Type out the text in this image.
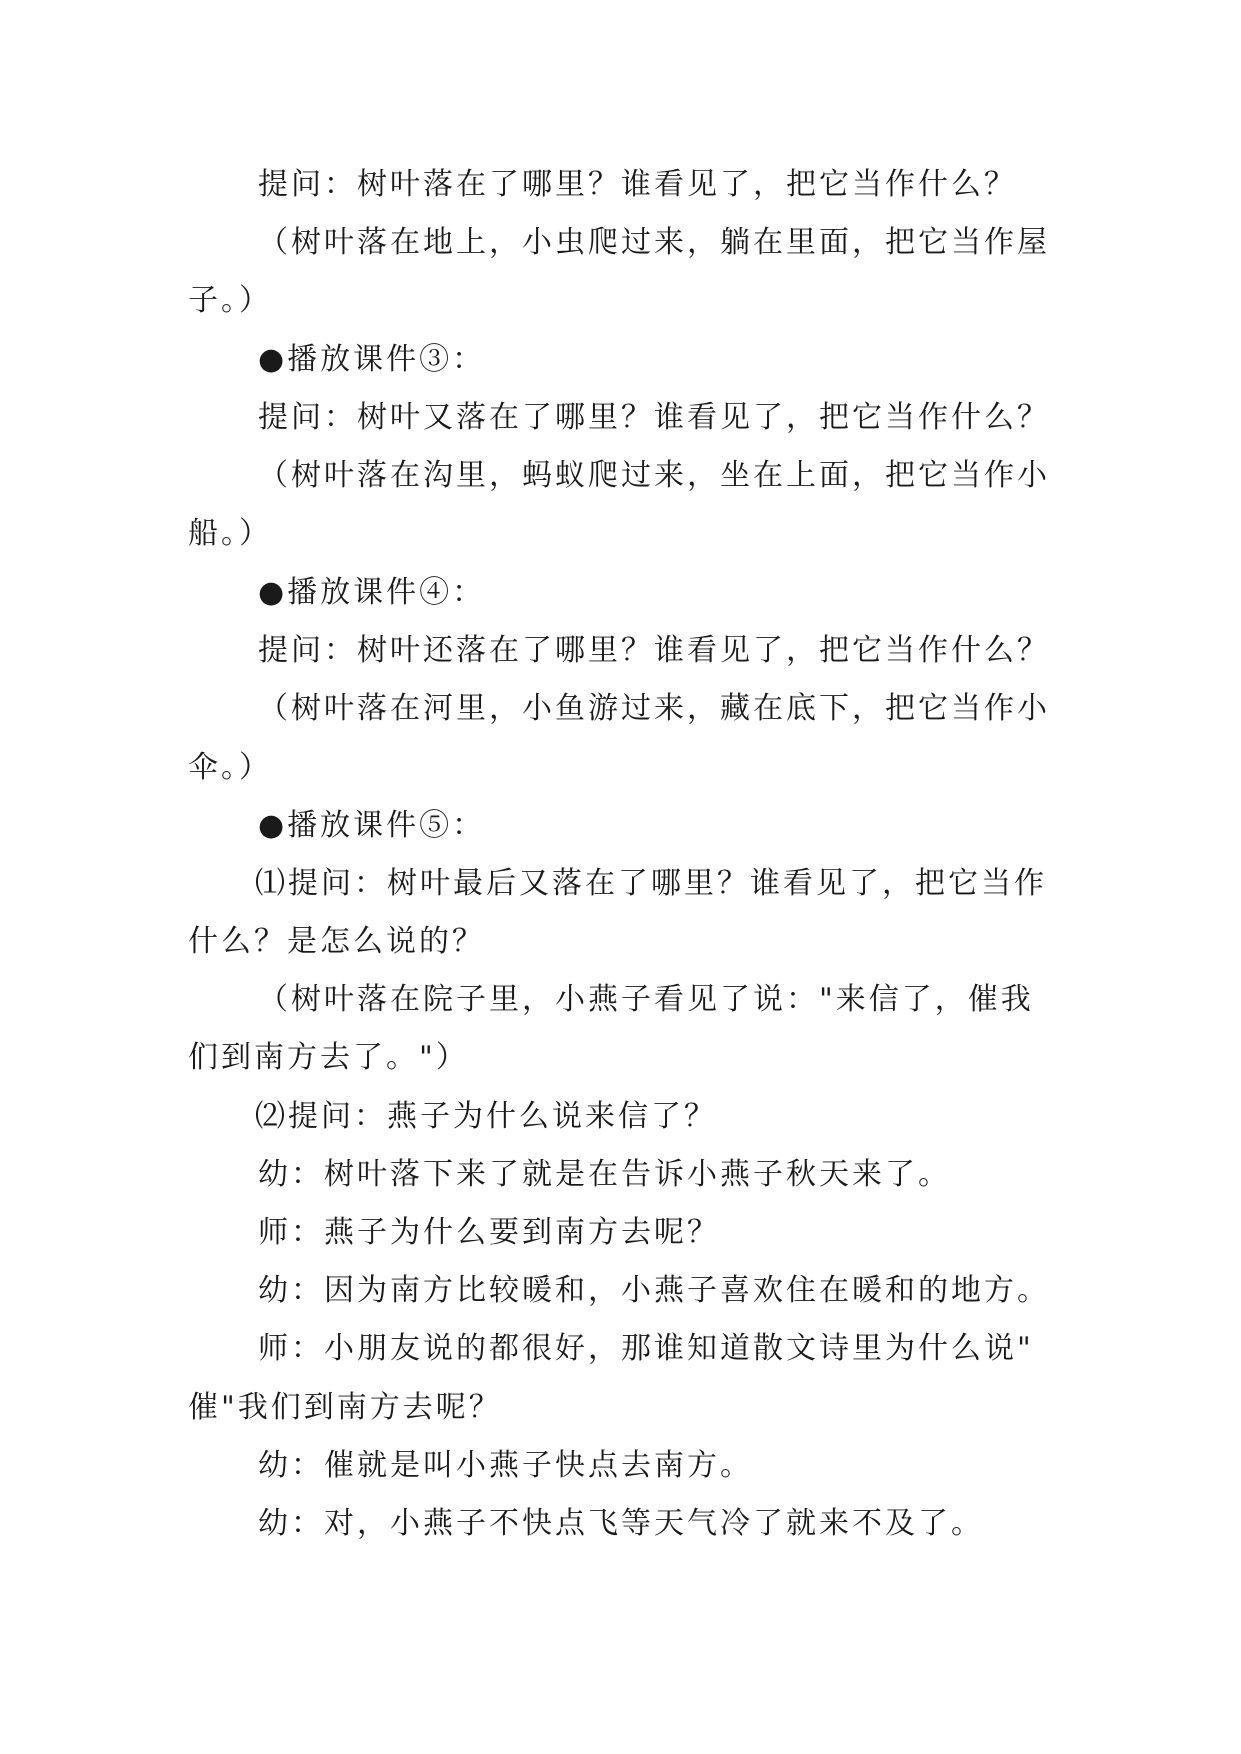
提问：树叶落在了哪里？谁看见了，把它当作什么？
（树叶落在地上，小虫爬过来，躺在里面，把它当作屋
子。）
●播放课件③：
提问：树叶又落在了哪里？谁看见了，把它当作什么？
（树叶落在沟里，蚂蚁爬过来，坐在上面，把它当作小
船。）
●播放课件④：
提问：树叶还落在了哪里？谁看见了，把它当作什么？
（树叶落在河里，小鱼游过来，藏在底下，把它当作小
伞。）
●播放课件⑤：
⑴提问：树叶最后又落在了哪里？谁看见了，把它当作
什么？是怎么说的？
（树叶落在院子里，小燕子看见了说："来信了，催我
们到南方去了。"）
⑵提问：燕子为什么说来信了？
幼：树叶落下来了就是在告诉小燕子秋天来了。
师：燕子为什么要到南方去呢？
幼：因为南方比较暖和，小燕子喜欢住在暖和的地方。
师：小朋友说的都很好，那谁知道散文诗里为什么说"
催"我们到南方去呢？
幼：催就是叫小燕子快点去南方。
幼：对，小燕子不快点飞等天气冷了就来不及了。
